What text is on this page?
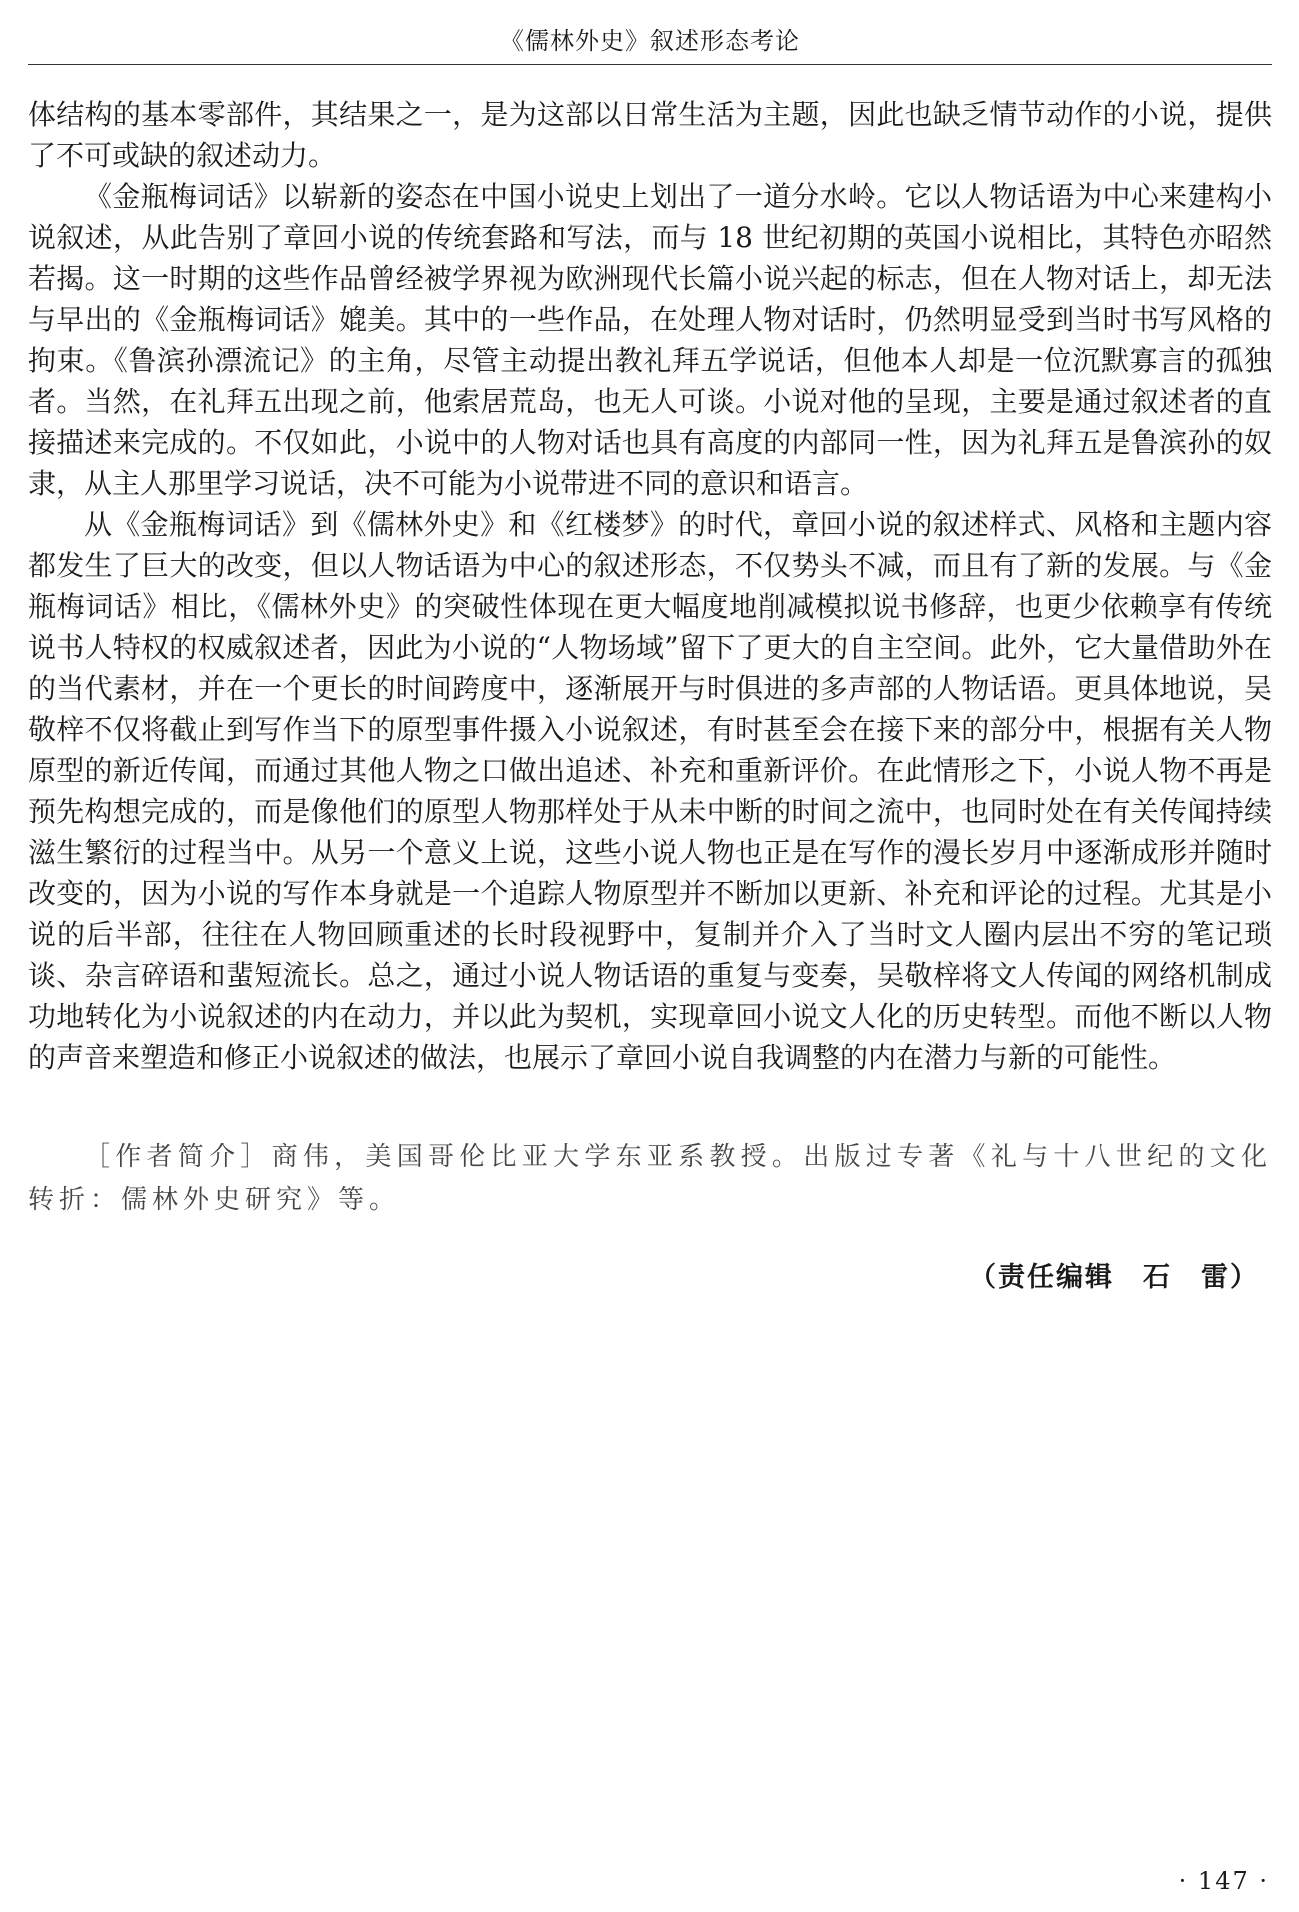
《儒林外史》叙述形态考论

体结构的基本零部件，其结果之一，是为这部以日常生活为主题，因此也缺乏情节动作的小说，提供了不可或缺的叙述动力。

《金瓶梅词话》以崭新的姿态在中国小说史上划出了一道分水岭。它以人物话语为中心来建构小说叙述，从此告别了章回小说的传统套路和写法，而与 18 世纪初期的英国小说相比，其特色亦昭然若揭。这一时期的这些作品曾经被学界视为欧洲现代长篇小说兴起的标志，但在人物对话上，却无法与早出的《金瓶梅词话》媲美。其中的一些作品，在处理人物对话时，仍然明显受到当时书写风格的拘束。《鲁滨孙漂流记》的主角，尽管主动提出教礼拜五学说话，但他本人却是一位沉默寡言的孤独者。当然，在礼拜五出现之前，他索居荒岛，也无人可谈。小说对他的呈现，主要是通过叙述者的直接描述来完成的。不仅如此，小说中的人物对话也具有高度的内部同一性，因为礼拜五是鲁滨孙的奴隶，从主人那里学习说话，决不可能为小说带进不同的意识和语言。

从《金瓶梅词话》到《儒林外史》和《红楼梦》的时代，章回小说的叙述样式、风格和主题内容都发生了巨大的改变，但以人物话语为中心的叙述形态，不仅势头不减，而且有了新的发展。与《金瓶梅词话》相比，《儒林外史》的突破性体现在更大幅度地削减模拟说书修辞，也更少依赖享有传统说书人特权的权威叙述者，因此为小说的“人物场域”留下了更大的自主空间。此外，它大量借助外在的当代素材，并在一个更长的时间跨度中，逐渐展开与时俱进的多声部的人物话语。更具体地说，吴敬梓不仅将截止到写作当下的原型事件摄入小说叙述，有时甚至会在接下来的部分中，根据有关人物原型的新近传闻，而通过其他人物之口做出追述、补充和重新评价。在此情形之下，小说人物不再是预先构想完成的，而是像他们的原型人物那样处于从未中断的时间之流中，也同时处在有关传闻持续滋生繁衍的过程当中。从另一个意义上说，这些小说人物也正是在写作的漫长岁月中逐渐成形并随时改变的，因为小说的写作本身就是一个追踪人物原型并不断加以更新、补充和评论的过程。尤其是小说的后半部，往往在人物回顾重述的长时段视野中，复制并介入了当时文人圈内层出不穷的笔记琐谈、杂言碎语和蜚短流长。总之，通过小说人物话语的重复与变奏，吴敬梓将文人传闻的网络机制成功地转化为小说叙述的内在动力，并以此为契机，实现章回小说文人化的历史转型。而他不断以人物的声音来塑造和修正小说叙述的做法，也展示了章回小说自我调整的内在潜力与新的可能性。

［作者简介］商伟，美国哥伦比亚大学东亚系教授。出版过专著《礼与十八世纪的文化转折：儒林外史研究》等。

（责任编辑　石　雷）
· 147 ·
